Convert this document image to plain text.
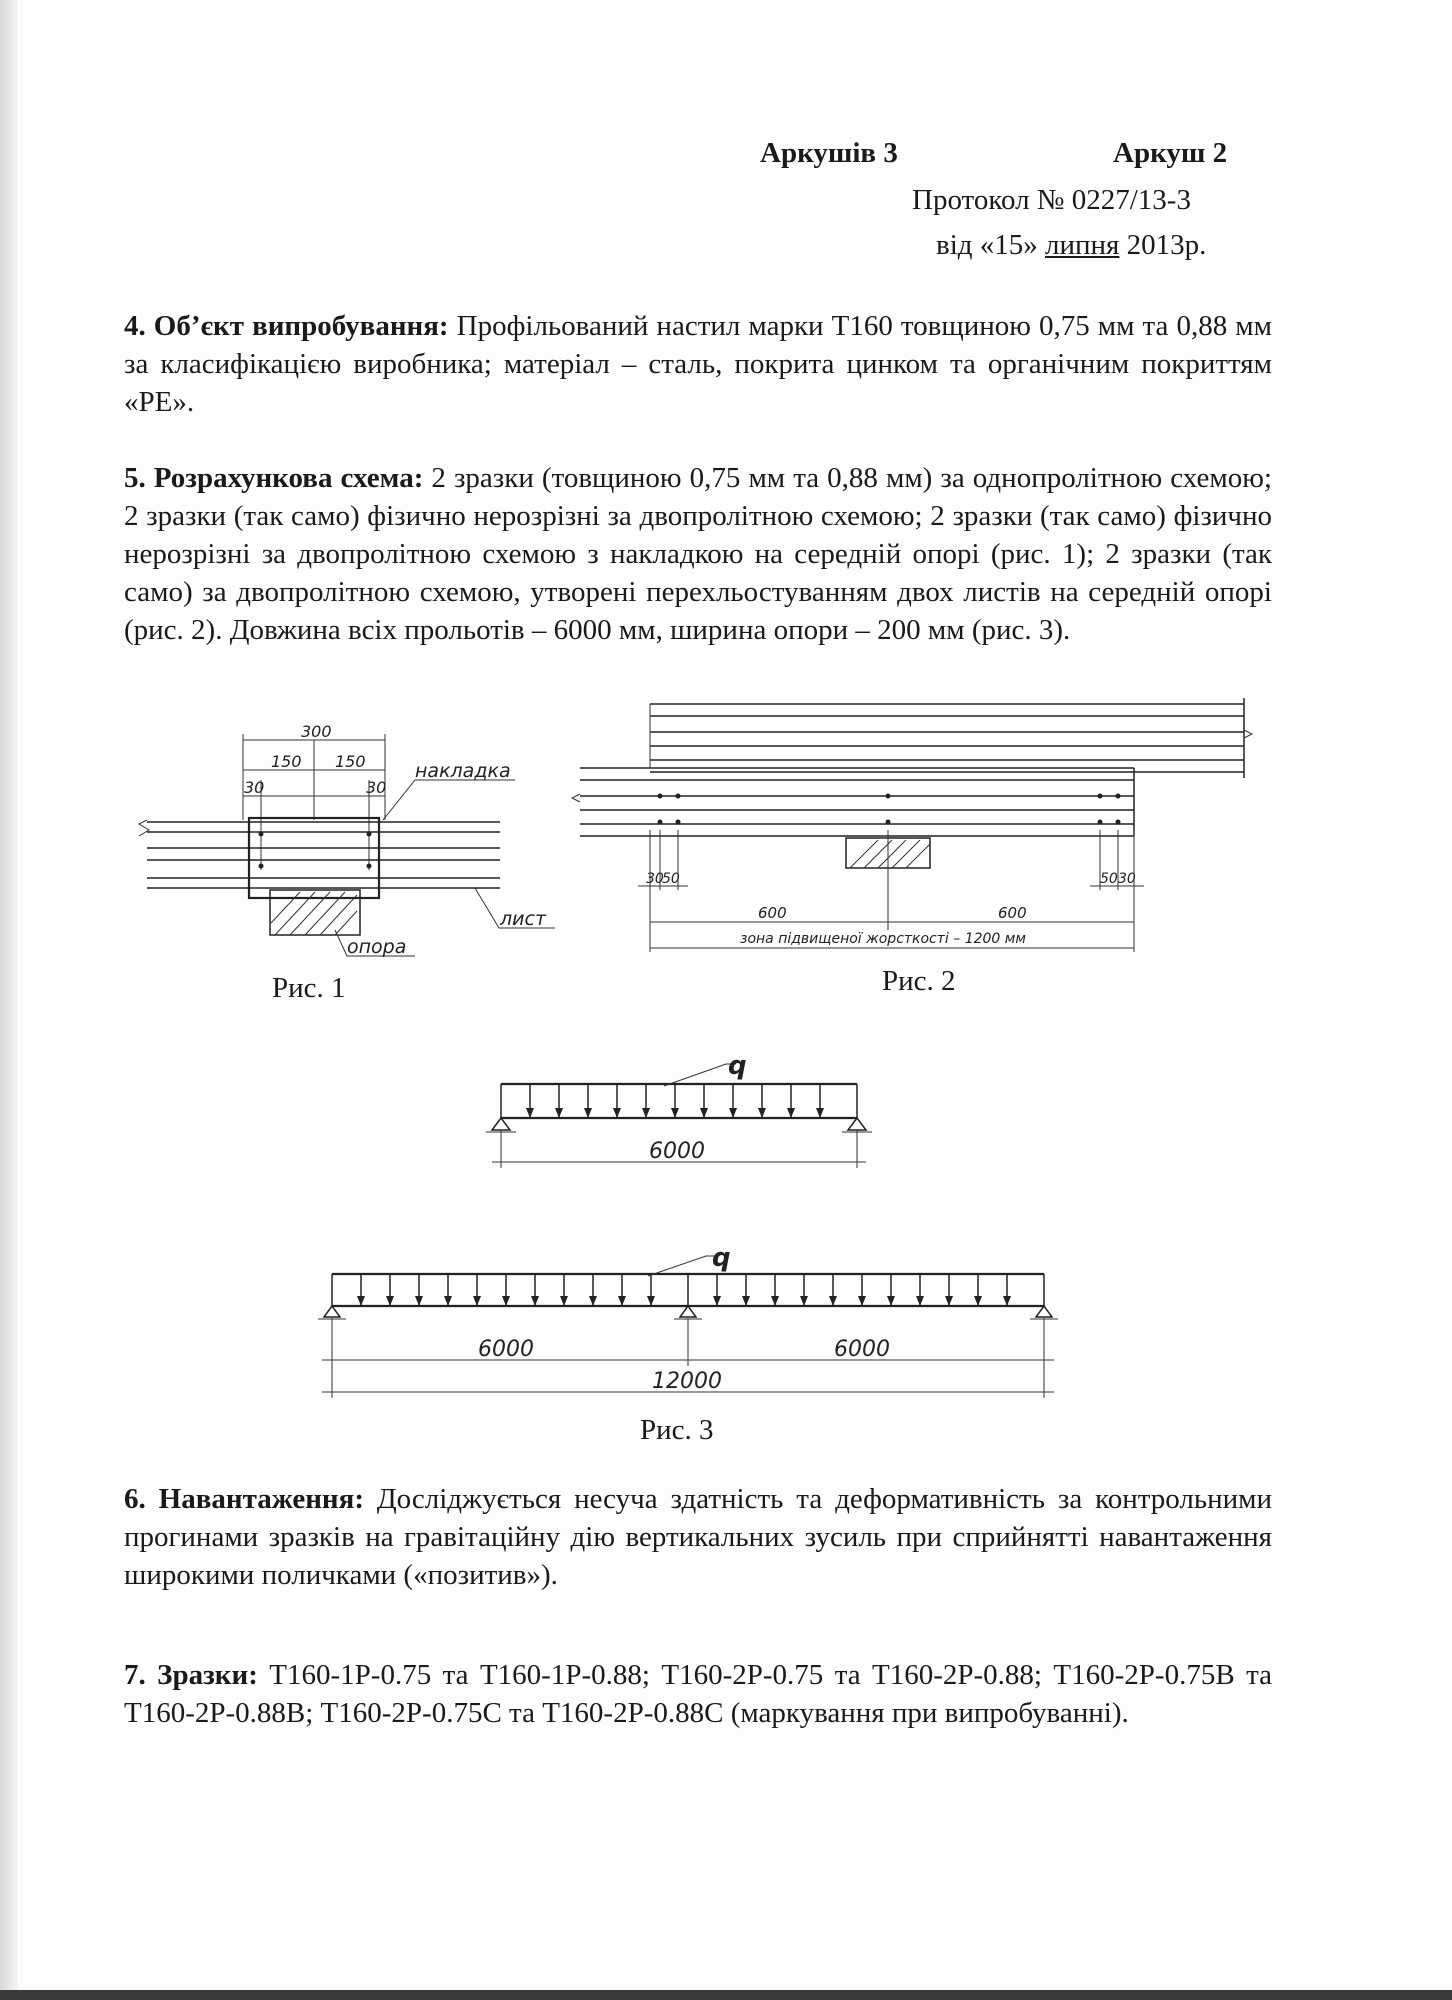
Аркушів 3	Аркуш 2
Протокол № 0227/13-3
від «15» липня 2013р.
4. Об’єкт випробування: Профільований настил марки Т160 товщиною 0,75 мм та 0,88 мм за класифікацією виробника; матеріал – сталь, покрита цинком та органічним покриттям «РЕ».
5. Розрахункова схема: 2 зразки (товщиною 0,75 мм та 0,88 мм) за однопролітною схемою; 2 зразки (так само) фізично нерозрізні за двопролітною схемою; 2 зразки (так само) фізично нерозрізні за двопролітною схемою з накладкою на середній опорі (рис. 1); 2 зразки (так само) за двопролітною схемою, утворені перехльостуванням двох листів на середній опорі (рис. 2). Довжина всіх прольотів – 6000 мм, ширина опори – 200 мм (рис. 3).
300
150 150
30	30
накладка
лист
опора
Рис. 1
30
50	50 30
600	600
зона підвищеної жорсткості – 1200 мм
Рис. 2
q
6000
q
6000	6000
12000
Рис. 3
6. Навантаження: Досліджується несуча здатність та деформативність за контрольними прогинами зразків на гравітаційну дію вертикальних зусиль при сприйнятті навантаження широкими поличками («позитив»).
7. Зразки: Т160-1Р-0.75 та Т160-1Р-0.88; Т160-2Р-0.75 та Т160-2Р-0.88; Т160-2Р-0.75В та Т160-2Р-0.88В; Т160-2Р-0.75С та Т160-2Р-0.88С (маркування при випробуванні).
